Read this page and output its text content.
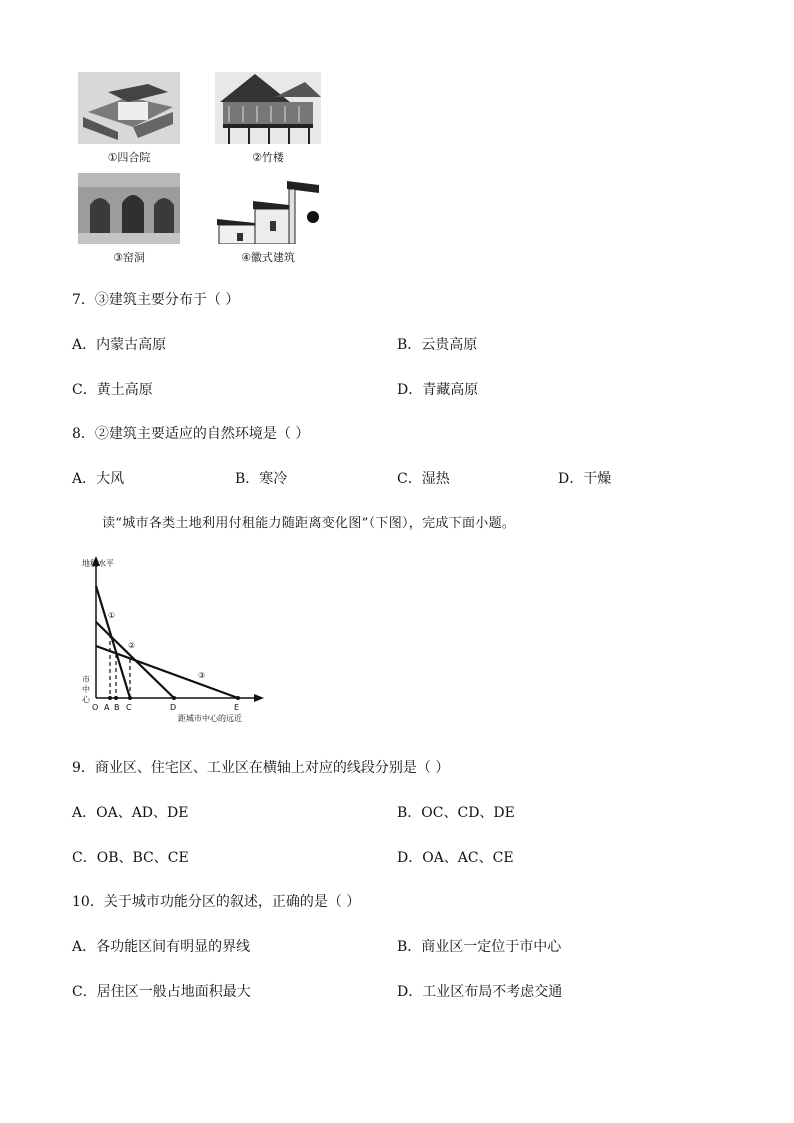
①四合院	②竹楼
③窑洞	④徽式建筑
7．③建筑主要分布于（ ）
A．内蒙古高原	B．云贵高原
C．黄土高原	D．青藏高原
8．②建筑主要适应的自然环境是（ ）
A．大风	B．寒冷	C．湿热	D．干燥
读“城市各类土地利用付租能力随距离变化图”（下图），完成下面小题。
地租水平
距城市中心的远近
市
中
心
①
②
③
O A B C	D	E
9．商业区、住宅区、工业区在横轴上对应的线段分别是（ ）
A．OA、AD、DE	B．OC、CD、DE
C．OB、BC、CE	D．OA、AC、CE
10．关于城市功能分区的叙述，正确的是（ ）
A．各功能区间有明显的界线	B．商业区一定位于市中心
C．居住区一般占地面积最大	D．工业区布局不考虑交通
